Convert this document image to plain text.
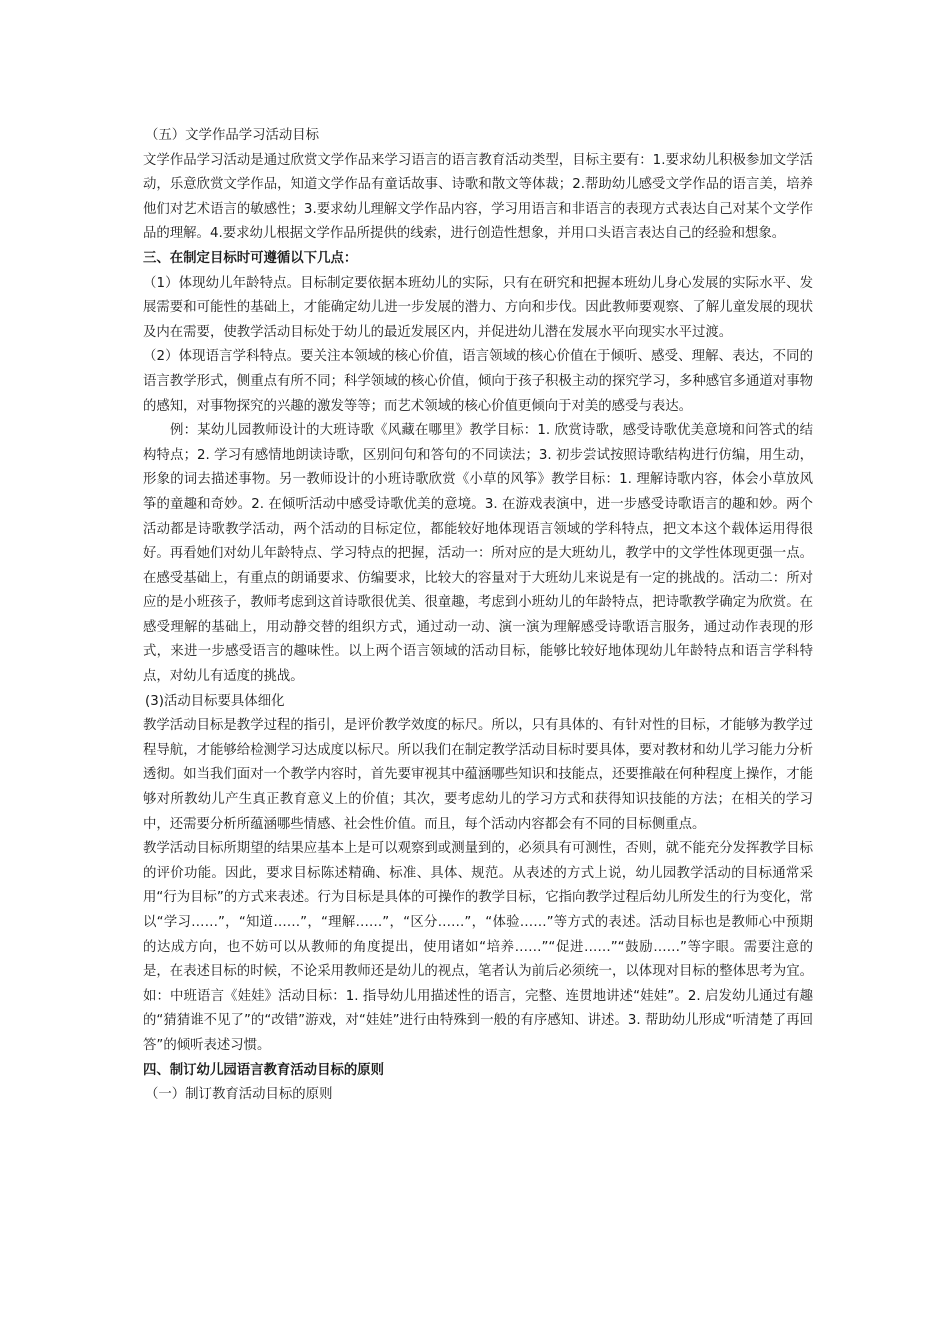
（五）文学作品学习活动目标

文学作品学习活动是通过欣赏文学作品来学习语言的语言教育活动类型，目标主要有：1.要求幼儿积极参加文学活动，乐意欣赏文学作品，知道文学作品有童话故事、诗歌和散文等体裁；2.帮助幼儿感受文学作品的语言美，培养他们对艺术语言的敏感性；3.要求幼儿理解文学作品内容，学习用语言和非语言的表现方式表达自己对某个文学作品的理解。4.要求幼儿根据文学作品所提供的线索，进行创造性想象，并用口头语言表达自己的经验和想象。

三、在制定目标时可遵循以下几点：

（1）体现幼儿年龄特点。目标制定要依据本班幼儿的实际，只有在研究和把握本班幼儿身心发展的实际水平、发展需要和可能性的基础上，才能确定幼儿进一步发展的潜力、方向和步伐。因此教师要观察、了解儿童发展的现状及内在需要，使教学活动目标处于幼儿的最近发展区内，并促进幼儿潜在发展水平向现实水平过渡。

（2）体现语言学科特点。要关注本领域的核心价值，语言领域的核心价值在于倾听、感受、理解、表达，不同的语言教学形式，侧重点有所不同；科学领域的核心价值，倾向于孩子积极主动的探究学习，多种感官多通道对事物的感知，对事物探究的兴趣的激发等等；而艺术领域的核心价值更倾向于对美的感受与表达。

例：某幼儿园教师设计的大班诗歌《风藏在哪里》教学目标：1. 欣赏诗歌，感受诗歌优美意境和问答式的结构特点；2. 学习有感情地朗读诗歌，区别问句和答句的不同读法；3. 初步尝试按照诗歌结构进行仿编，用生动，形象的词去描述事物。另一教师设计的小班诗歌欣赏《小草的风筝》教学目标：1. 理解诗歌内容，体会小草放风筝的童趣和奇妙。2. 在倾听活动中感受诗歌优美的意境。3. 在游戏表演中，进一步感受诗歌语言的趣和妙。两个活动都是诗歌教学活动，两个活动的目标定位，都能较好地体现语言领域的学科特点，把文本这个载体运用得很好。再看她们对幼儿年龄特点、学习特点的把握，活动一：所对应的是大班幼儿，教学中的文学性体现更强一点。在感受基础上，有重点的朗诵要求、仿编要求，比较大的容量对于大班幼儿来说是有一定的挑战的。活动二：所对应的是小班孩子，教师考虑到这首诗歌很优美、很童趣，考虑到小班幼儿的年龄特点，把诗歌教学确定为欣赏。在感受理解的基础上，用动静交替的组织方式，通过动一动、演一演为理解感受诗歌语言服务，通过动作表现的形式，来进一步感受语言的趣味性。以上两个语言领域的活动目标，能够比较好地体现幼儿年龄特点和语言学科特点，对幼儿有适度的挑战。

(3)活动目标要具体细化

教学活动目标是教学过程的指引，是评价教学效度的标尺。所以，只有具体的、有针对性的目标，才能够为教学过程导航，才能够给检测学习达成度以标尺。所以我们在制定教学活动目标时要具体，要对教材和幼儿学习能力分析透彻。如当我们面对一个教学内容时，首先要审视其中蕴涵哪些知识和技能点，还要推敲在何种程度上操作，才能够对所教幼儿产生真正教育意义上的价值；其次，要考虑幼儿的学习方式和获得知识技能的方法；在相关的学习中，还需要分析所蕴涵哪些情感、社会性价值。而且，每个活动内容都会有不同的目标侧重点。

教学活动目标所期望的结果应基本上是可以观察到或测量到的，必须具有可测性，否则，就不能充分发挥教学目标的评价功能。因此，要求目标陈述精确、标准、具体、规范。从表述的方式上说，幼儿园教学活动的目标通常采用“行为目标”的方式来表述。行为目标是具体的可操作的教学目标，它指向教学过程后幼儿所发生的行为变化，常以“学习……”，“知道……”，“理解……”，“区分……”，“体验……”等方式的表述。活动目标也是教师心中预期的达成方向，也不妨可以从教师的角度提出，使用诸如“培养……”“促进……”“鼓励……”等字眼。需要注意的是，在表述目标的时候，不论采用教师还是幼儿的视点，笔者认为前后必须统一，以体现对目标的整体思考为宜。如：中班语言《娃娃》活动目标：1. 指导幼儿用描述性的语言，完整、连贯地讲述“娃娃”。2. 启发幼儿通过有趣的“猜猜谁不见了”的“改错”游戏，对“娃娃”进行由特殊到一般的有序感知、讲述。3. 帮助幼儿形成“听清楚了再回答”的倾听表述习惯。

四、制订幼儿园语言教育活动目标的原则

（一）制订教育活动目标的原则
